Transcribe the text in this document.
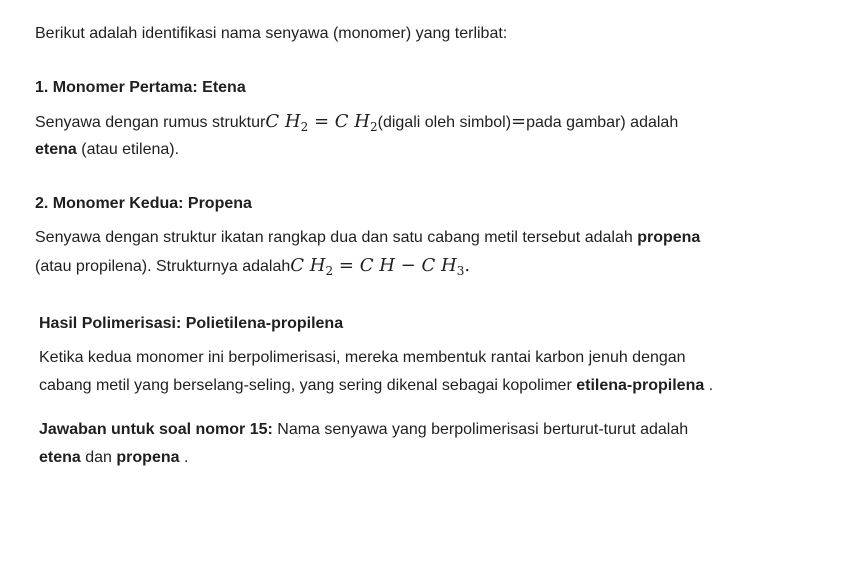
Berikut adalah identifikasi nama senyawa (monomer) yang terlibat:
1. Monomer Pertama: Etena
Senyawa dengan rumus strukturC $H_2 = C$ $H_2(digali$ oleh simbol)=pada gambar) adalah
etena (atau etilena).
2. Monomer Kedua: Propena
Senyawa dengan struktur ikatan rangkap dua dan satu cabang metil tersebut adalah propena
(atau propilena). Strukturnya adalahC $H_2 = C$ H − C $H_3$.
Hasil Polimerisasi: Polietilena-propilena
Ketika kedua monomer ini berpolimerisasi, mereka membentuk rantai karbon jenuh dengan
cabang metil yang berselang-seling, yang sering dikenal sebagai kopolimer etilena-propilena .
Jawaban untuk soal nomor 15: Nama senyawa yang berpolimerisasi berturut-turut adalah
etena dan propena .
